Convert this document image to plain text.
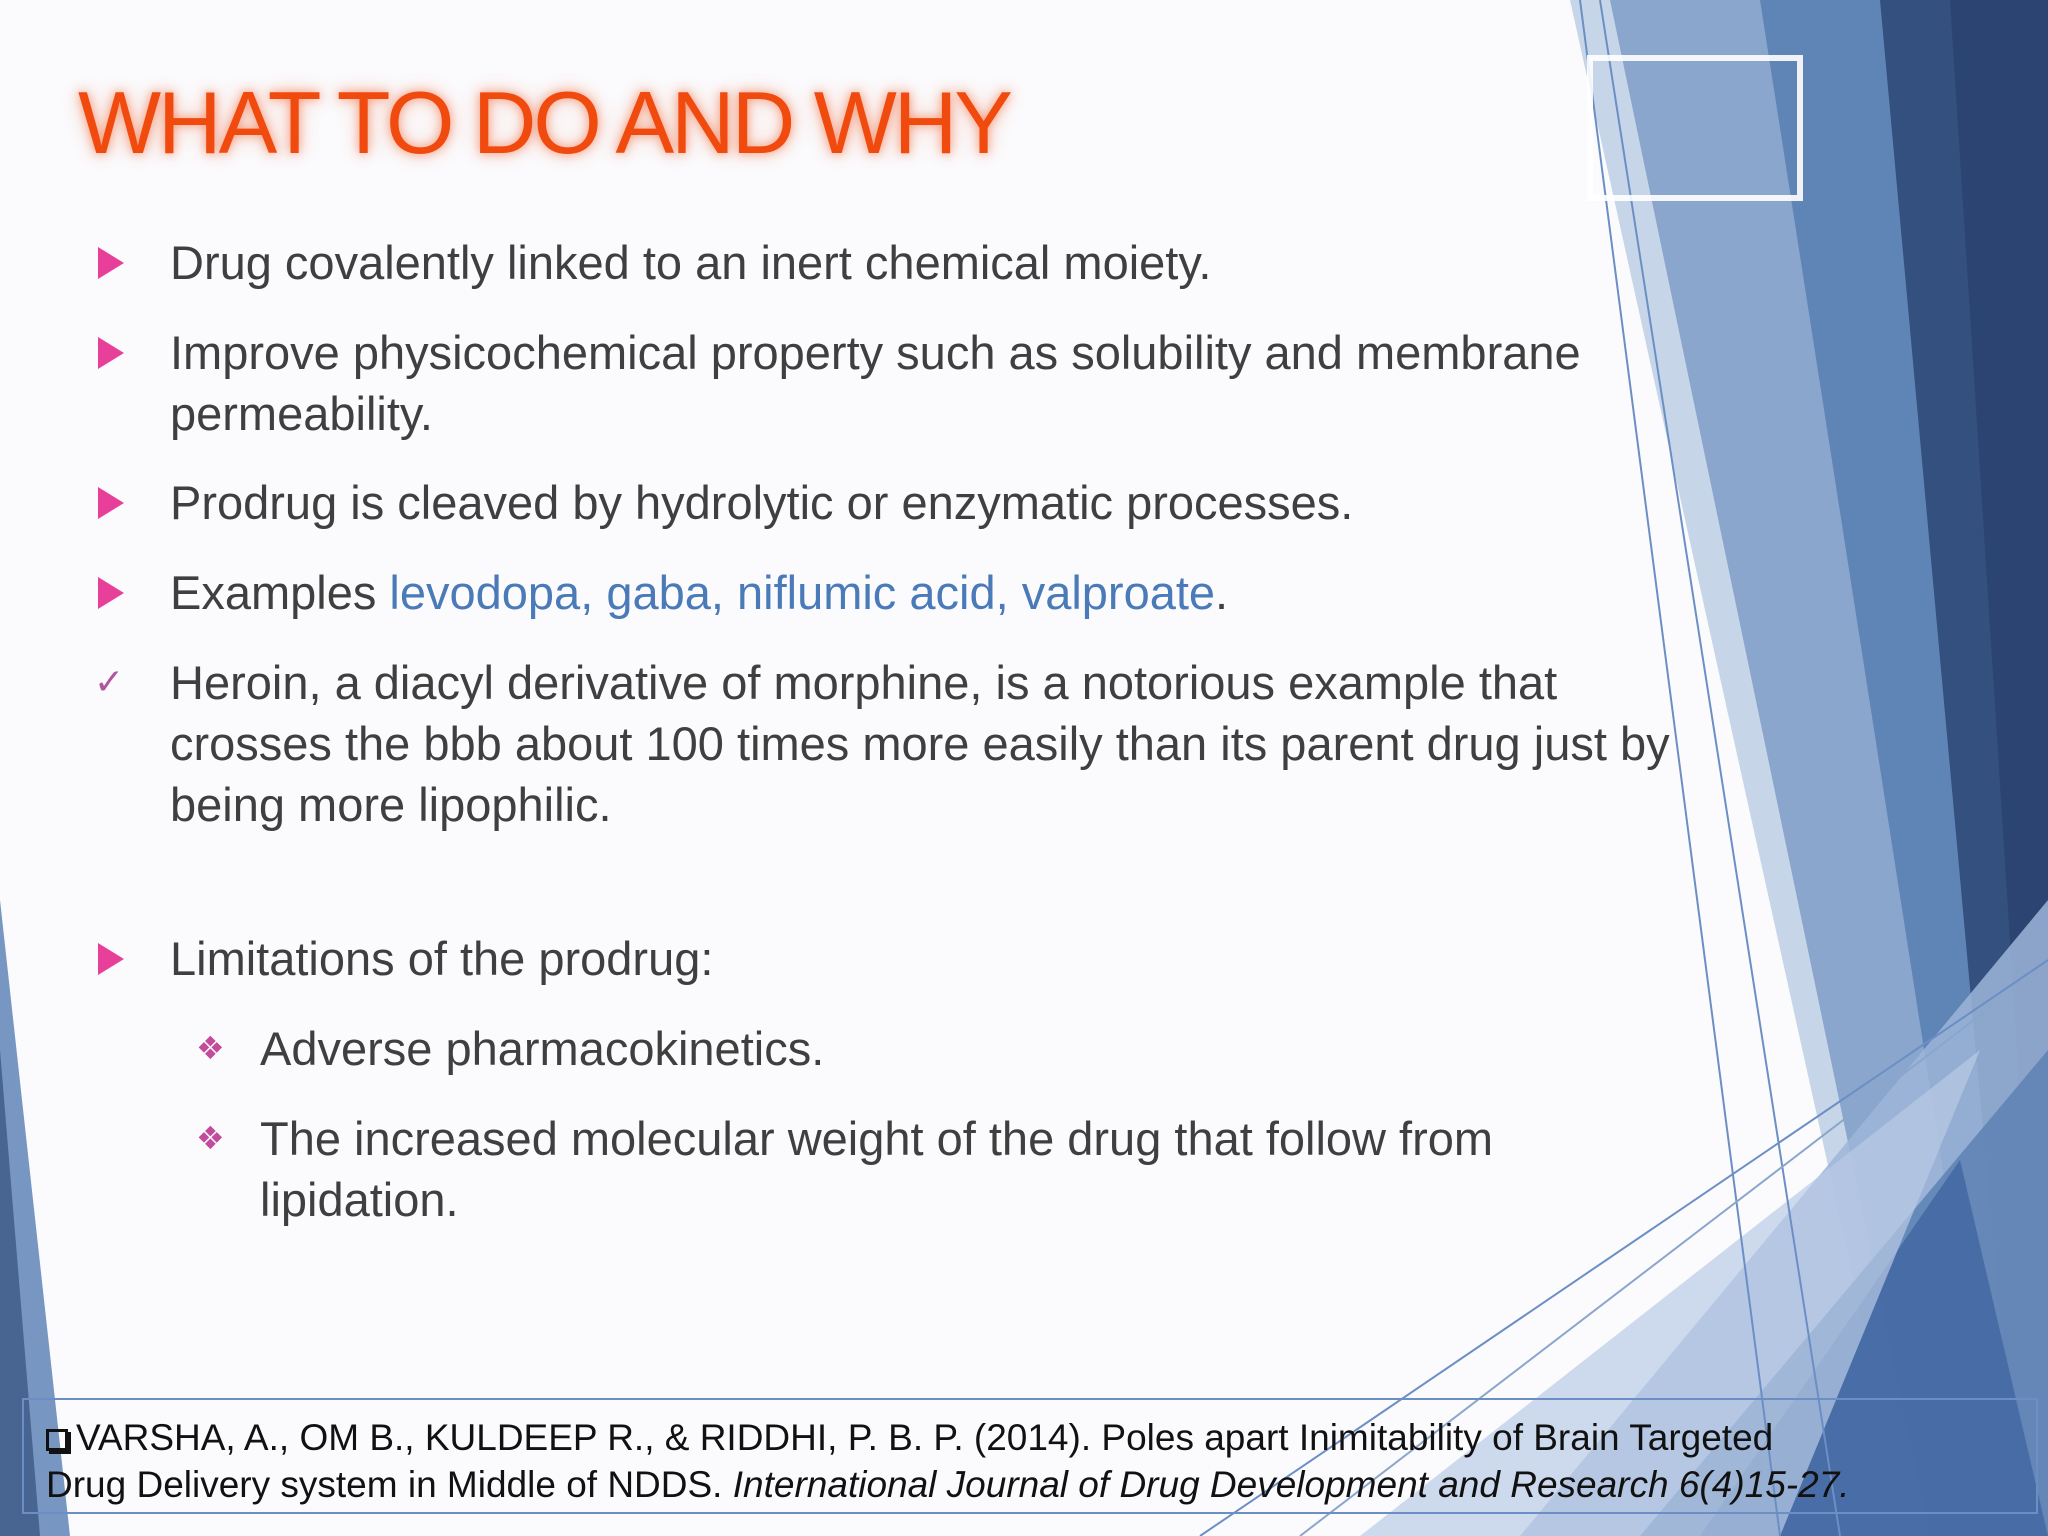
WHAT TO DO AND WHY
Drug covalently linked to an inert chemical moiety.
Improve physicochemical property such as solubility and membrane
permeability.
Prodrug is cleaved by hydrolytic or enzymatic processes.
Examples levodopa, gaba, niflumic acid, valproate.
✓ Heroin, a diacyl derivative of morphine, is a notorious example that
crosses the bbb about 100 times more easily than its parent drug just by
being more lipophilic.
Limitations of the prodrug:
❖ Adverse pharmacokinetics.
❖ The increased molecular weight of the drug that follow from
lipidation.
VARSHA, A., OM B., KULDEEP R., & RIDDHI, P. B. P. (2014). Poles apart Inimitability of Brain Targeted
Drug Delivery system in Middle of NDDS. International Journal of Drug Development and Research 6(4)15-27.
